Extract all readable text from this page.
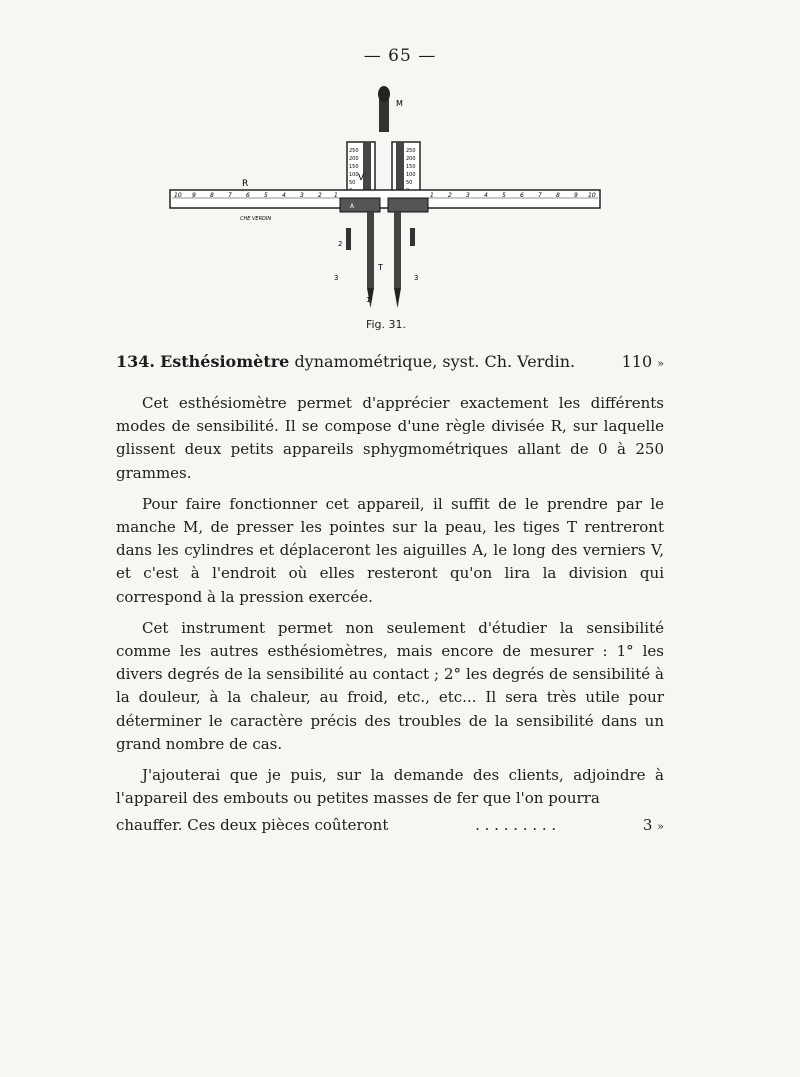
— 65 —
M
250
200
150
100
50
250
200
150
100
50
V
R
10 9 8 7 6 5 4 3 2 1	1 2 3 4 5 6 7 8 9 10
CHE VERDIN
A
T
2
3	3
1
Fig. 31.
134. Esthésiomètre dynamométrique, syst. Ch. Verdin.	110 »

Cet esthésiomètre permet d'apprécier exactement les différents modes de sensibilité. Il se compose d'une règle divisée R, sur laquelle glissent deux petits appareils sphygmométriques allant de 0 à 250 grammes.

Pour faire fonctionner cet appareil, il suffit de le prendre par le manche M, de presser les pointes sur la peau, les tiges T rentreront dans les cylindres et déplaceront les aiguilles A, le long des verniers V, et c'est à l'endroit où elles resteront qu'on lira la division qui correspond à la pression exercée.

Cet instrument permet non seulement d'étudier la sensibilité comme les autres esthésiomètres, mais encore de mesurer : 1° les divers degrés de la sensibilité au contact ; 2° les degrés de sensibilité à la douleur, à la chaleur, au froid, etc., etc... Il sera très utile pour déterminer le caractère précis des troubles de la sensibilité dans un grand nombre de cas.

J'ajouterai que je puis, sur la demande des clients, adjoindre à l'appareil des embouts ou petites masses de fer que l'on pourra

chauffer. Ces deux pièces coûteront	. . . . . . . . .	3 »
